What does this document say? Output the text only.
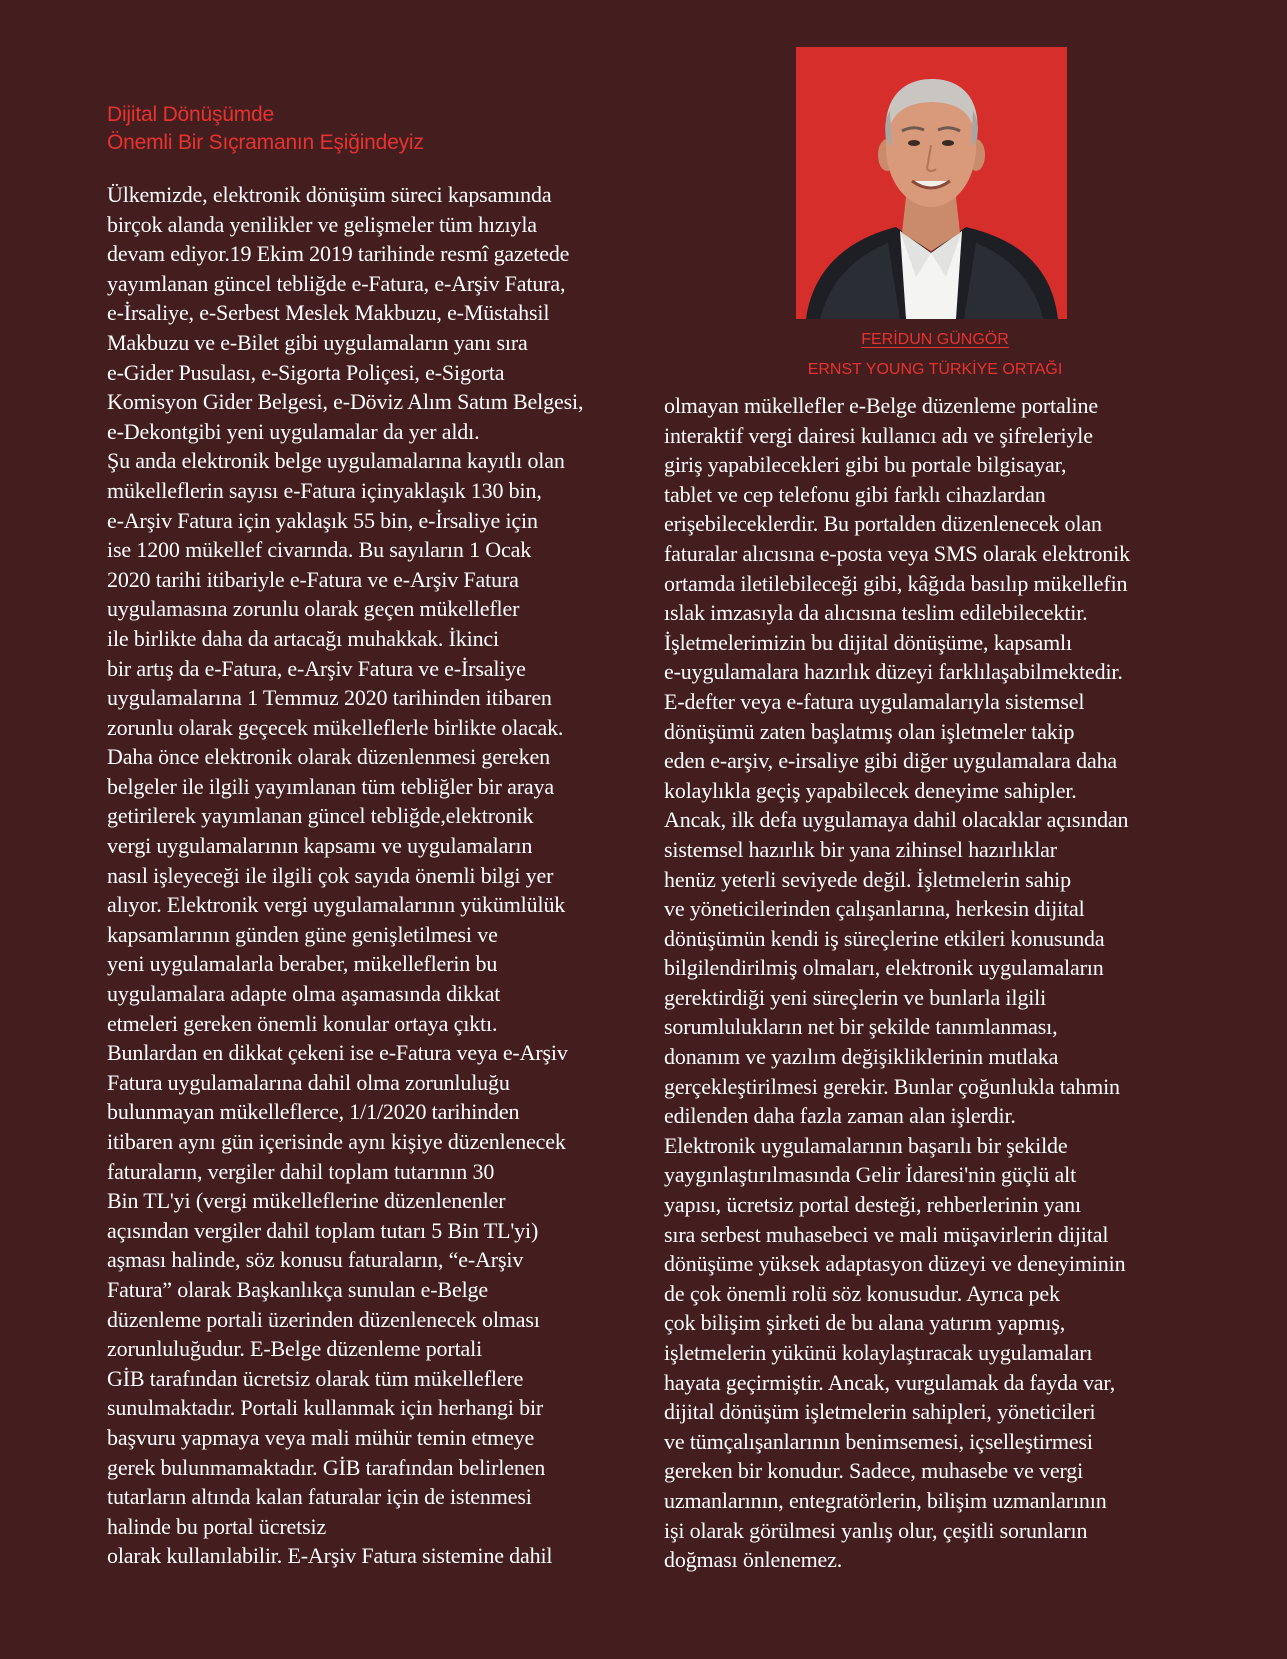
Dijital Dönüşümde
Önemli Bir Sıçramanın Eşiğindeyiz
FERİDUN GÜNGÖR
ERNST YOUNG TÜRKİYE ORTAĞI
Ülkemizde, elektronik dönüşüm süreci kapsamında
birçok alanda yenilikler ve gelişmeler tüm hızıyla
devam ediyor.19 Ekim 2019 tarihinde resmî gazetede
yayımlanan güncel tebliğde e-Fatura, e-Arşiv Fatura,
e-İrsaliye, e-Serbest Meslek Makbuzu, e-Müstahsil
Makbuzu ve e-Bilet gibi uygulamaların yanı sıra
e-Gider Pusulası, e-Sigorta Poliçesi, e-Sigorta
Komisyon Gider Belgesi, e-Döviz Alım Satım Belgesi,
e-Dekontgibi yeni uygulamalar da yer aldı.
Şu anda elektronik belge uygulamalarına kayıtlı olan
mükelleflerin sayısı e-Fatura içinyaklaşık 130 bin,
e-Arşiv Fatura için yaklaşık 55 bin, e-İrsaliye için
ise 1200 mükellef civarında. Bu sayıların 1 Ocak
2020 tarihi itibariyle e-Fatura ve e-Arşiv Fatura
uygulamasına zorunlu olarak geçen mükellefler
ile birlikte daha da artacağı muhakkak. İkinci
bir artış da e-Fatura, e-Arşiv Fatura ve e-İrsaliye
uygulamalarına 1 Temmuz 2020 tarihinden itibaren
zorunlu olarak geçecek mükelleflerle birlikte olacak.
Daha önce elektronik olarak düzenlenmesi gereken
belgeler ile ilgili yayımlanan tüm tebliğler bir araya
getirilerek yayımlanan güncel tebliğde,elektronik
vergi uygulamalarının kapsamı ve uygulamaların
nasıl işleyeceği ile ilgili çok sayıda önemli bilgi yer
alıyor. Elektronik vergi uygulamalarının yükümlülük
kapsamlarının günden güne genişletilmesi ve
yeni uygulamalarla beraber, mükelleflerin bu
uygulamalara adapte olma aşamasında dikkat
etmeleri gereken önemli konular ortaya çıktı.
Bunlardan en dikkat çekeni ise e-Fatura veya e-Arşiv
Fatura uygulamalarına dahil olma zorunluluğu
bulunmayan mükelleflerce, 1/1/2020 tarihinden
itibaren aynı gün içerisinde aynı kişiye düzenlenecek
faturaların, vergiler dahil toplam tutarının 30
Bin TL'yi (vergi mükelleflerine düzenlenenler
açısından vergiler dahil toplam tutarı 5 Bin TL'yi)
aşması halinde, söz konusu faturaların, “e-Arşiv
Fatura” olarak Başkanlıkça sunulan e-Belge
düzenleme portali üzerinden düzenlenecek olması
zorunluluğudur. E-Belge düzenleme portali
GİB tarafından ücretsiz olarak tüm mükelleflere
sunulmaktadır. Portali kullanmak için herhangi bir
başvuru yapmaya veya mali mühür temin etmeye
gerek bulunmamaktadır. GİB tarafından belirlenen
tutarların altında kalan faturalar için de istenmesi
halinde bu portal ücretsiz
olarak kullanılabilir. E-Arşiv Fatura sistemine dahil
olmayan mükellefler e-Belge düzenleme portaline
interaktif vergi dairesi kullanıcı adı ve şifreleriyle
giriş yapabilecekleri gibi bu portale bilgisayar,
tablet ve cep telefonu gibi farklı cihazlardan
erişebileceklerdir. Bu portalden düzenlenecek olan
faturalar alıcısına e-posta veya SMS olarak elektronik
ortamda iletilebileceği gibi, kâğıda basılıp mükellefin
ıslak imzasıyla da alıcısına teslim edilebilecektir.
İşletmelerimizin bu dijital dönüşüme, kapsamlı
e-uygulamalara hazırlık düzeyi farklılaşabilmektedir.
E-defter veya e-fatura uygulamalarıyla sistemsel
dönüşümü zaten başlatmış olan işletmeler takip
eden e-arşiv, e-irsaliye gibi diğer uygulamalara daha
kolaylıkla geçiş yapabilecek deneyime sahipler.
Ancak, ilk defa uygulamaya dahil olacaklar açısından
sistemsel hazırlık bir yana zihinsel hazırlıklar
henüz yeterli seviyede değil. İşletmelerin sahip
ve yöneticilerinden çalışanlarına, herkesin dijital
dönüşümün kendi iş süreçlerine etkileri konusunda
bilgilendirilmiş olmaları, elektronik uygulamaların
gerektirdiği yeni süreçlerin ve bunlarla ilgili
sorumlulukların net bir şekilde tanımlanması,
donanım ve yazılım değişikliklerinin mutlaka
gerçekleştirilmesi gerekir. Bunlar çoğunlukla tahmin
edilenden daha fazla zaman alan işlerdir.
Elektronik uygulamalarının başarılı bir şekilde
yaygınlaştırılmasında Gelir İdaresi'nin güçlü alt
yapısı, ücretsiz portal desteği, rehberlerinin yanı
sıra serbest muhasebeci ve mali müşavirlerin dijital
dönüşüme yüksek adaptasyon düzeyi ve deneyiminin
de çok önemli rolü söz konusudur. Ayrıca pek
çok bilişim şirketi de bu alana yatırım yapmış,
işletmelerin yükünü kolaylaştıracak uygulamaları
hayata geçirmiştir. Ancak, vurgulamak da fayda var,
dijital dönüşüm işletmelerin sahipleri, yöneticileri
ve tümçalışanlarının benimsemesi, içselleştirmesi
gereken bir konudur. Sadece, muhasebe ve vergi
uzmanlarının, entegratörlerin, bilişim uzmanlarının
işi olarak görülmesi yanlış olur, çeşitli sorunların
doğması önlenemez.
